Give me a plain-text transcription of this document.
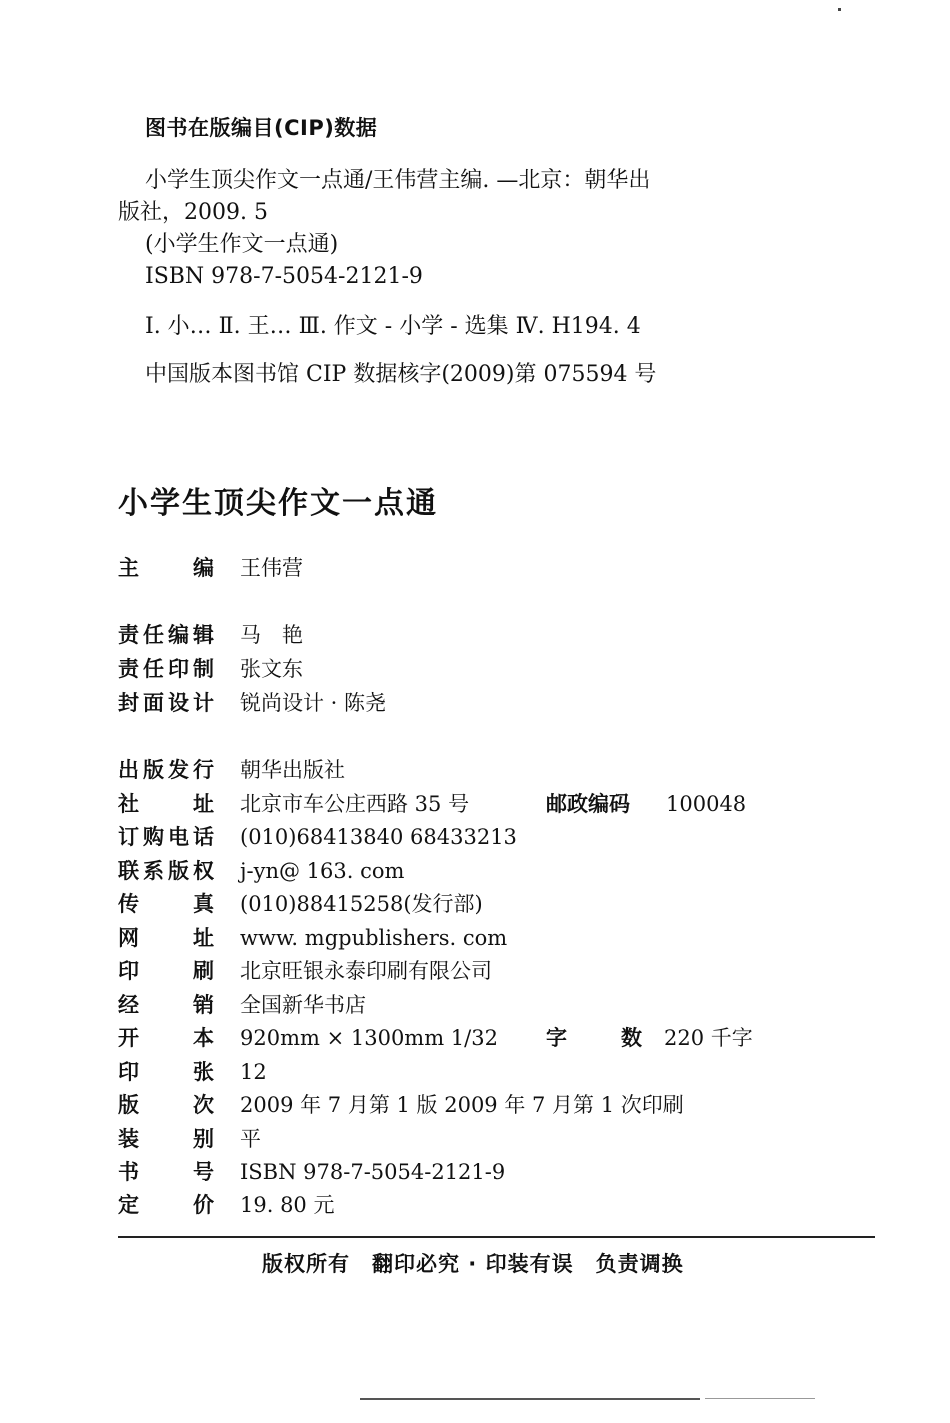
图书在版编目(CIP)数据
小学生顶尖作文一点通/王伟营主编. —北京：朝华出
版社，2009. 5
(小学生作文一点通)
ISBN 978-7-5054-2121-9
Ⅰ. 小… Ⅱ. 王… Ⅲ. 作文 - 小学 - 选集 Ⅳ. H194. 4
中国版本图书馆 CIP 数据核字(2009)第 075594 号
小学生顶尖作文一点通
主	编 王伟营
责 任 编 辑 马　艳
责 任 印 制 张文东
封 面 设 计 锐尚设计 · 陈尧
出 版 发 行 朝华出版社
社	址 北京市车公庄西路 35 号	邮政编码 100048
订 购 电 话 (010)68413840 68433213
联 系 版 权 j-yn@ 163. com
传	真 (010)88415258(发行部)
网	址 www. mgpublishers. com
印	刷 北京旺银永泰印刷有限公司
经	销 全国新华书店
开	本 920mm × 1300mm 1/32 字	数 220 千字
印	张 12
版	次 2009 年 7 月第 1 版 2009 年 7 月第 1 次印刷
装	别 平
书	号 ISBN 978-7-5054-2121-9
定	价 19. 80 元
版权所有　翻印必究 · 印装有误　负责调换
